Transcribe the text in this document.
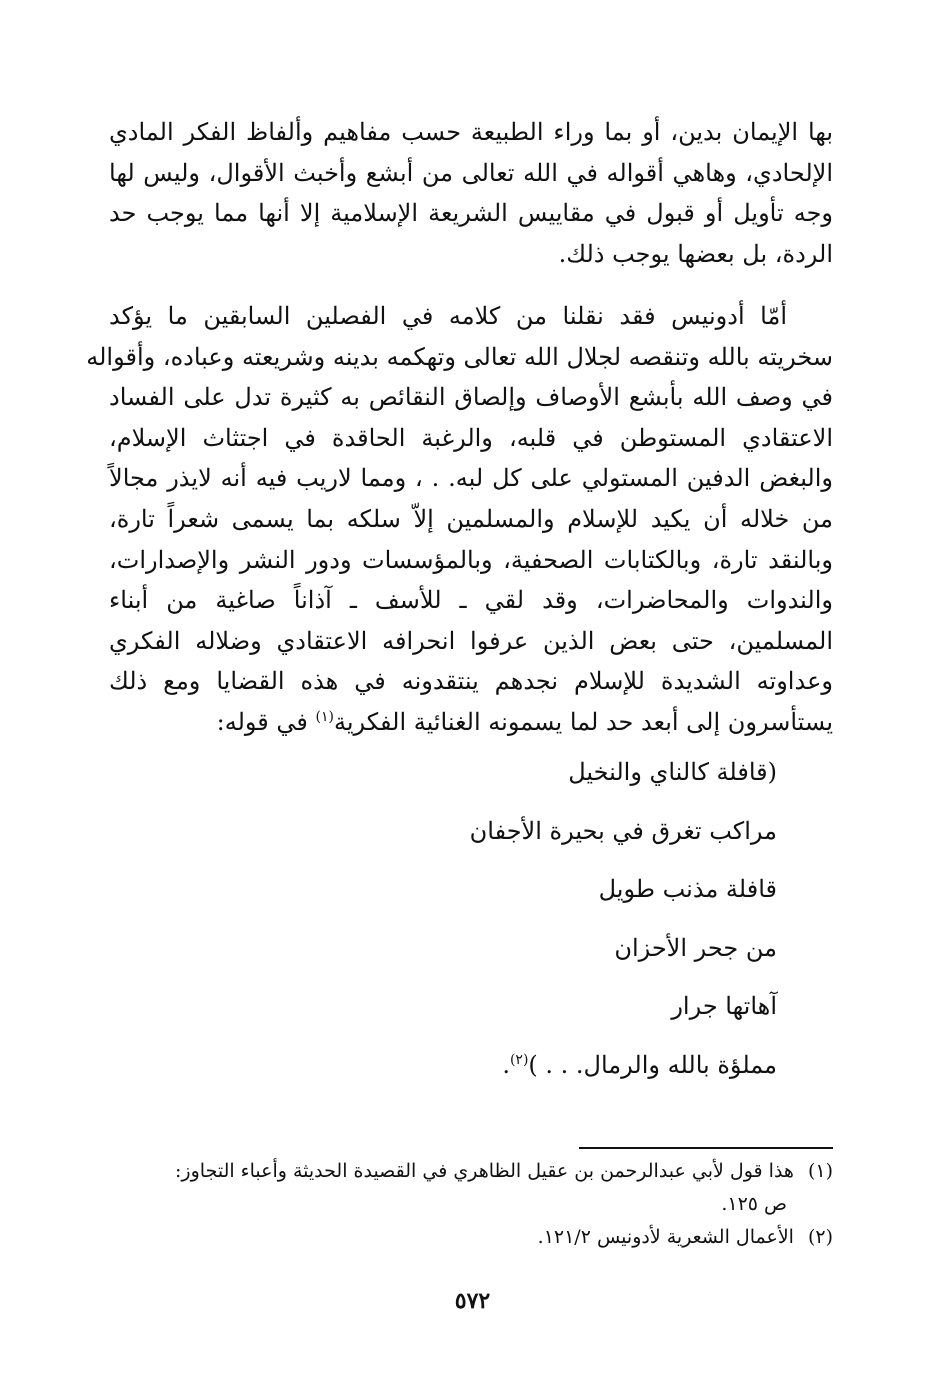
بها الإيمان بدين، أو بما وراء الطبيعة حسب مفاهيم وألفاظ الفكر المادي
الإلحادي، وهاهي أقواله في الله تعالى من أبشع وأخبث الأقوال، وليس لها
وجه تأويل أو قبول في مقاييس الشريعة الإسلامية إلا أنها مما يوجب حد
الردة، بل بعضها يوجب ذلك.
أمّا أدونيس فقد نقلنا من كلامه في الفصلين السابقين ما يؤكد
سخريته بالله وتنقصه لجلال الله تعالى وتهكمه بدينه وشريعته وعباده، وأقواله
في وصف الله بأبشع الأوصاف وإلصاق النقائص به كثيرة تدل على الفساد
الاعتقادي المستوطن في قلبه، والرغبة الحاقدة في اجتثاث الإسلام،
والبغض الدفين المستولي على كل لبه. . ، ومما لاريب فيه أنه لايذر مجالاً
من خلاله أن يكيد للإسلام والمسلمين إلاّ سلكه بما يسمى شعراً تارة،
وبالنقد تارة، وبالكتابات الصحفية، وبالمؤسسات ودور النشر والإصدارات،
والندوات والمحاضرات، وقد لقي ـ للأسف ـ آذاناً صاغية من أبناء
المسلمين، حتى بعض الذين عرفوا انحرافه الاعتقادي وضلاله الفكري
وعداوته الشديدة للإسلام نجدهم ينتقدونه في هذه القضايا ومع ذلك
يستأسرون إلى أبعد حد لما يسمونه الغنائية الفكرية$^{(١)}$ في قوله:
(قافلة كالناي والنخيل
مراكب تغرق في بحيرة الأجفان
قافلة مذنب طويل
من جحر الأحزان
آهاتها جرار
مملؤة بالله والرمال. . . )$^{(٢)}$.
(١)هذا قول لأبي عبدالرحمن بن عقيل الظاهري في القصيدة الحديثة وأعباء التجاوز:
ص ١٢٥.
(٢)الأعمال الشعرية لأدونيس ١٢١/٢.
٥٧٢
